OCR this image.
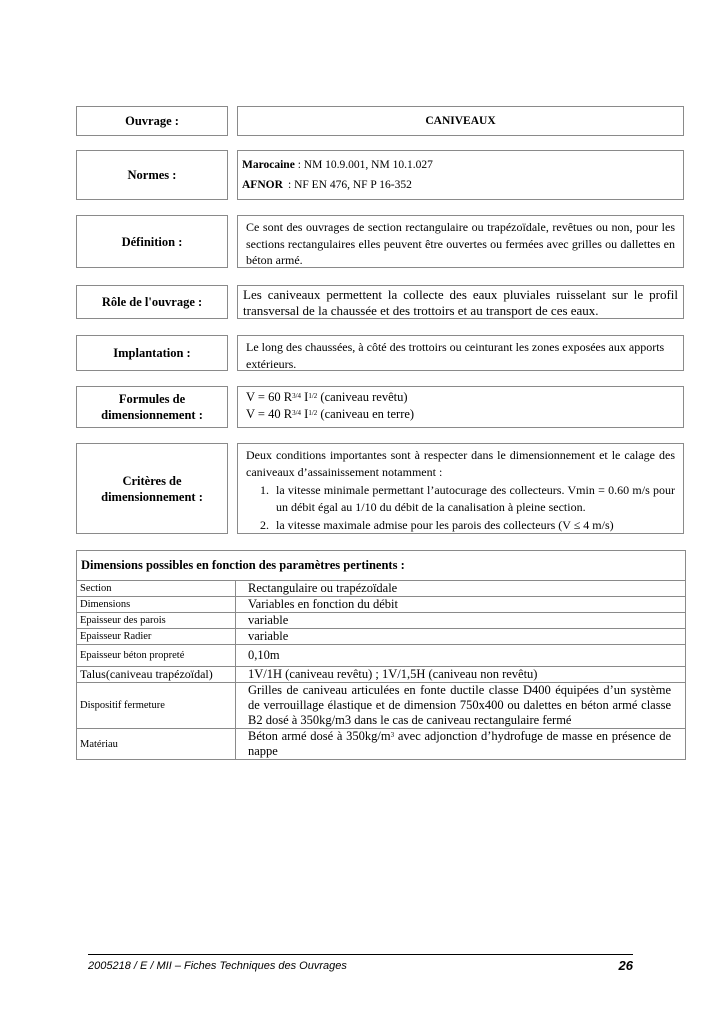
Ouvrage :	CANIVEAUX
Normes :
Marocaine : NM 10.9.001, NM 10.1.027
AFNOR : NF EN 476, NF P 16-352
Définition :
Ce sont des ouvrages de section rectangulaire ou trapézoïdale, revêtues ou non, pour les sections rectangulaires elles peuvent être ouvertes ou fermées avec grilles ou dallettes en béton armé.
Rôle de l'ouvrage :	Les caniveaux permettent la collecte des eaux pluviales ruisselant sur le profil transversal de la chaussée et des trottoirs et au transport de ces eaux.
Implantation :	Le long des chaussées, à côté des trottoirs ou ceinturant les zones exposées aux apports extérieurs.
Formules de
dimensionnement :
V = 60 $R^{3/4}$ $I^{1/2}$ (caniveau revêtu)
V = 40 $R^{3/4}$ $I^{1/2}$ (caniveau en terre)
Critères de
dimensionnement :
Deux conditions importantes sont à respecter dans le dimensionnement et le calage des caniveaux d’assainissement notamment :
1. la vitesse minimale permettant l’autocurage des collecteurs. Vmin = 0.60 m/s pour un débit égal au 1/10 du débit de la canalisation à pleine section.
2. la vitesse maximale admise pour les parois des collecteurs (V ≤ 4 m/s)
Dimensions possibles en fonction des paramètres pertinents :	
Section	Rectangulaire ou trapézoïdale
Dimensions	Variables en fonction du débit
Epaisseur des parois	variable
Epaisseur Radier	variable
Epaisseur béton propreté	0,10m
Talus(caniveau trapézoïdal)	1V/1H (caniveau revêtu) ; 1V/1,5H (caniveau non revêtu)
Dispositif fermeture	Grilles de caniveau articulées en fonte ductile classe D400 équipées d’un système de verrouillage élastique et de dimension 750x400 ou dalettes en béton armé classe B2 dosé à 350kg/m3 dans le cas de caniveau rectangulaire fermé
Matériau	Béton armé dosé à $350kg/m^3$ avec adjonction d’hydrofuge de masse en présence de nappe
2005218 / E / MII – Fiches Techniques des Ouvrages	26
